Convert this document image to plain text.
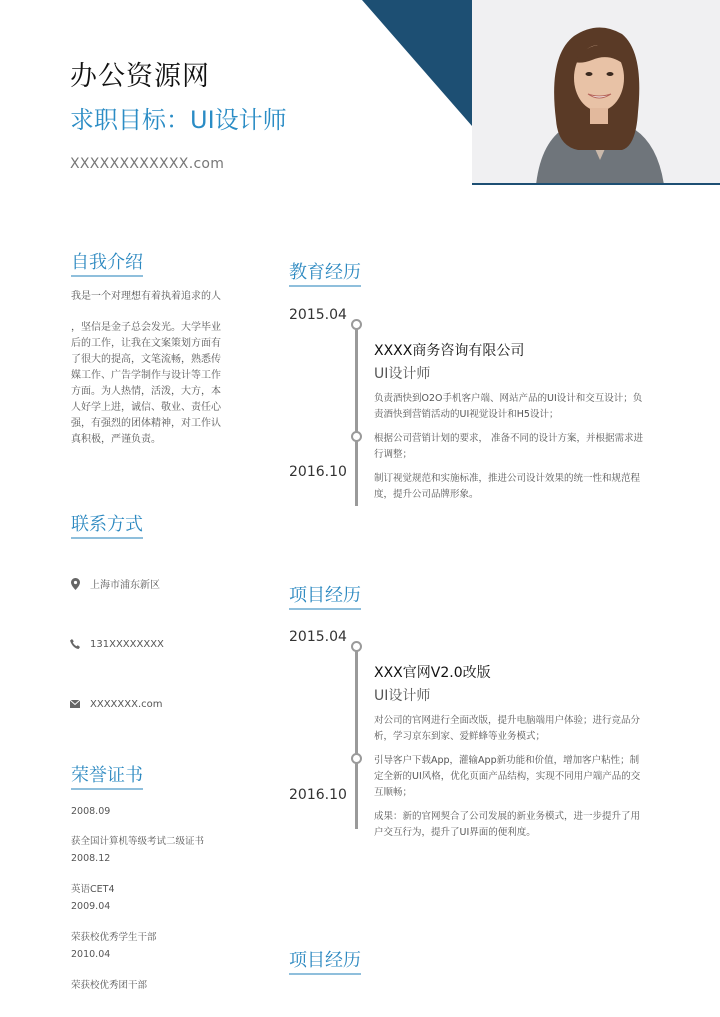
办公资源网
求职目标：UI设计师
XXXXXXXXXXXX.com
自我介绍

我是一个对理想有着执着追求的人

，坚信是金子总会发光。大学毕业后的工作，让我在文案策划方面有了很大的提高，文笔流畅，熟悉传媒工作、广告学制作与设计等工作方面。为人热情，活泼，大方，本人好学上进，诚信、敬业、责任心强，有强烈的团体精神，对工作认真积极，严谨负责。

联系方式
上海市浦东新区
131XXXXXXXX
XXXXXXX.com
荣誉证书
2008.09
获全国计算机等级考试二级证书
2008.12
英语CET4
2009.04
荣获校优秀学生干部
2010.04
荣获校优秀团干部
教育经历
2015.04
2016.10
XXXX商务咨询有限公司
UI设计师

负责酒快到O2O手机客户端、网站产品的UI设计和交互设计；负责酒快到营销活动的UI视觉设计和H5设计；

根据公司营销计划的要求， 准备不同的设计方案，并根据需求进行调整；

制订视觉规范和实施标准，推进公司设计效果的统一性和规范程度，提升公司品牌形象。

项目经历
2015.04
2016.10
XXX官网V2.0改版
UI设计师

对公司的官网进行全面改版，提升电脑端用户体验；进行竞品分析，学习京东到家、爱鲜蜂等业务模式；

引导客户下载App，灌输App新功能和价值，增加客户粘性；制定全新的UI风格，优化页面产品结构，实现不同用户端产品的交互顺畅；

成果：新的官网契合了公司发展的新业务模式，进一步提升了用户交互行为，提升了UI界面的便利度。

项目经历
